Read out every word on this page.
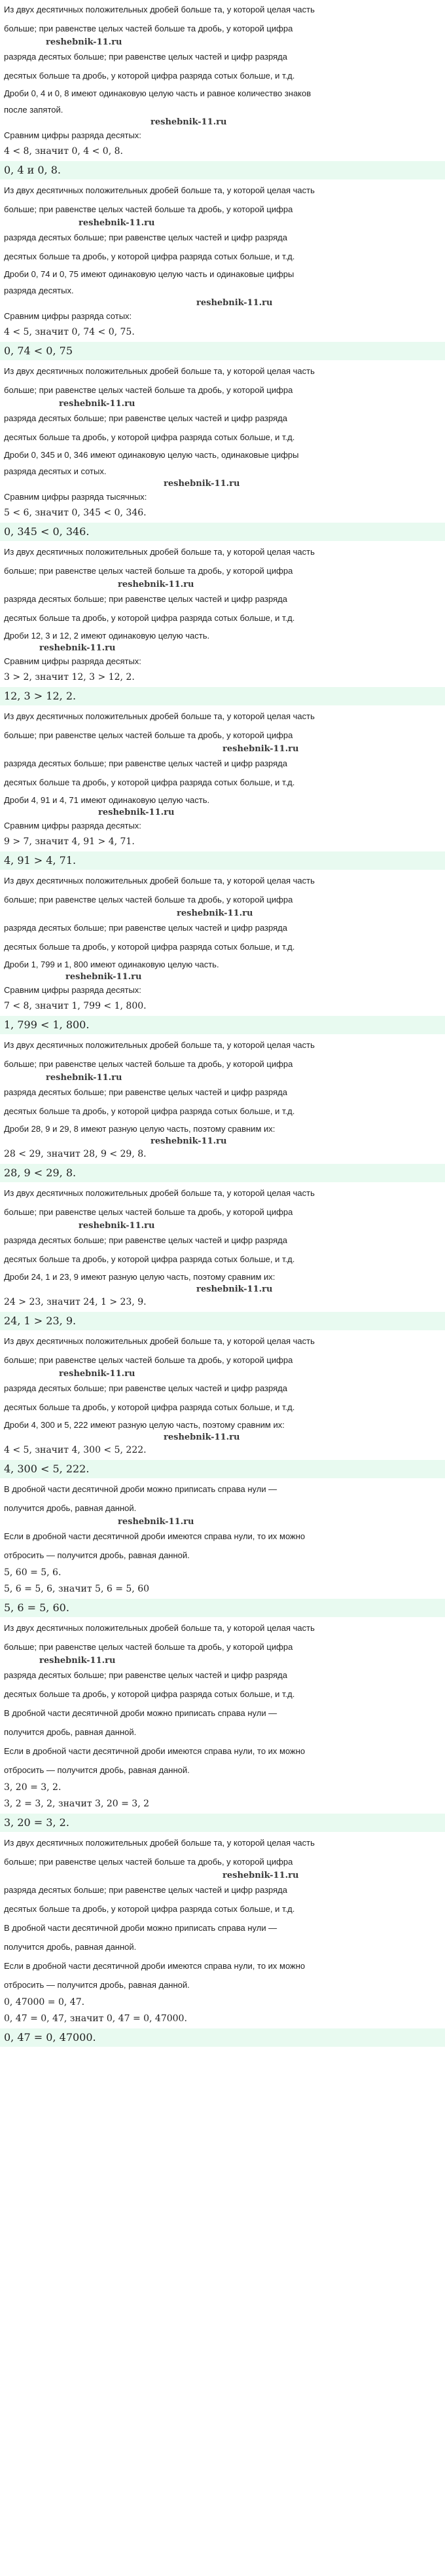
Из двух десятичных положительных дробей больше та, у которой целая часть
больше; при равенстве целых частей больше та дробь, у которой цифра
reshebnik-11.ru
разряда десятых больше; при равенстве целых частей и цифр разряда
десятых больше та дробь, у которой цифра разряда сотых больше, и т.д.
Дроби 0, 4 и 0, 8 имеют одинаковую целую часть и равное количество знаков
после запятой.
reshebnik-11.ru
Сравним цифры разряда десятых:
4 < 8, значит 0, 4 < 0, 8.
0, 4 и 0, 8.
Из двух десятичных положительных дробей больше та, у которой целая часть
больше; при равенстве целых частей больше та дробь, у которой цифра
reshebnik-11.ru
разряда десятых больше; при равенстве целых частей и цифр разряда
десятых больше та дробь, у которой цифра разряда сотых больше, и т.д.
Дроби 0, 74 и 0, 75 имеют одинаковую целую часть и одинаковые цифры
разряда десятых.
reshebnik-11.ru
Сравним цифры разряда сотых:
4 < 5, значит 0, 74 < 0, 75.
0, 74 < 0, 75
Из двух десятичных положительных дробей больше та, у которой целая часть
больше; при равенстве целых частей больше та дробь, у которой цифра
reshebnik-11.ru
разряда десятых больше; при равенстве целых частей и цифр разряда
десятых больше та дробь, у которой цифра разряда сотых больше, и т.д.
Дроби 0, 345 и 0, 346 имеют одинаковую целую часть, одинаковые цифры
разряда десятых и сотых.
reshebnik-11.ru
Сравним цифры разряда тысячных:
5 < 6, значит 0, 345 < 0, 346.
0, 345 < 0, 346.
Из двух десятичных положительных дробей больше та, у которой целая часть
больше; при равенстве целых частей больше та дробь, у которой цифра
reshebnik-11.ru
разряда десятых больше; при равенстве целых частей и цифр разряда
десятых больше та дробь, у которой цифра разряда сотых больше, и т.д.
Дроби 12, 3 и 12, 2 имеют одинаковую целую часть.
reshebnik-11.ru
Сравним цифры разряда десятых:
3 > 2, значит 12, 3 > 12, 2.
12, 3 > 12, 2.
Из двух десятичных положительных дробей больше та, у которой целая часть
больше; при равенстве целых частей больше та дробь, у которой цифра
reshebnik-11.ru
разряда десятых больше; при равенстве целых частей и цифр разряда
десятых больше та дробь, у которой цифра разряда сотых больше, и т.д.
Дроби 4, 91 и 4, 71 имеют одинаковую целую часть.
reshebnik-11.ru
Сравним цифры разряда десятых:
9 > 7, значит 4, 91 > 4, 71.
4, 91 > 4, 71.
Из двух десятичных положительных дробей больше та, у которой целая часть
больше; при равенстве целых частей больше та дробь, у которой цифра
reshebnik-11.ru
разряда десятых больше; при равенстве целых частей и цифр разряда
десятых больше та дробь, у которой цифра разряда сотых больше, и т.д.
Дроби 1, 799 и 1, 800 имеют одинаковую целую часть.
reshebnik-11.ru
Сравним цифры разряда десятых:
7 < 8, значит 1, 799 < 1, 800.
1, 799 < 1, 800.
Из двух десятичных положительных дробей больше та, у которой целая часть
больше; при равенстве целых частей больше та дробь, у которой цифра
reshebnik-11.ru
разряда десятых больше; при равенстве целых частей и цифр разряда
десятых больше та дробь, у которой цифра разряда сотых больше, и т.д.
Дроби 28, 9 и 29, 8 имеют разную целую часть, поэтому сравним их:
reshebnik-11.ru
28 < 29, значит 28, 9 < 29, 8.
28, 9 < 29, 8.
Из двух десятичных положительных дробей больше та, у которой целая часть
больше; при равенстве целых частей больше та дробь, у которой цифра
reshebnik-11.ru
разряда десятых больше; при равенстве целых частей и цифр разряда
десятых больше та дробь, у которой цифра разряда сотых больше, и т.д.
Дроби 24, 1 и 23, 9 имеют разную целую часть, поэтому сравним их:
reshebnik-11.ru
24 > 23, значит 24, 1 > 23, 9.
24, 1 > 23, 9.
Из двух десятичных положительных дробей больше та, у которой целая часть
больше; при равенстве целых частей больше та дробь, у которой цифра
reshebnik-11.ru
разряда десятых больше; при равенстве целых частей и цифр разряда
десятых больше та дробь, у которой цифра разряда сотых больше, и т.д.
Дроби 4, 300 и 5, 222 имеют разную целую часть, поэтому сравним их:
reshebnik-11.ru
4 < 5, значит 4, 300 < 5, 222.
4, 300 < 5, 222.
В дробной части десятичной дроби можно приписать справа нули —
получится дробь, равная данной.
reshebnik-11.ru
Если в дробной части десятичной дроби имеются справа нули, то их можно
отбросить — получится дробь, равная данной.
5, 60 = 5, 6.
5, 6 = 5, 6, значит 5, 6 = 5, 60
5, 6 = 5, 60.
Из двух десятичных положительных дробей больше та, у которой целая часть
больше; при равенстве целых частей больше та дробь, у которой цифра
reshebnik-11.ru
разряда десятых больше; при равенстве целых частей и цифр разряда
десятых больше та дробь, у которой цифра разряда сотых больше, и т.д.
В дробной части десятичной дроби можно приписать справа нули —
получится дробь, равная данной.
Если в дробной части десятичной дроби имеются справа нули, то их можно
отбросить — получится дробь, равная данной.
3, 20 = 3, 2.
3, 2 = 3, 2, значит 3, 20 = 3, 2
3, 20 = 3, 2.
Из двух десятичных положительных дробей больше та, у которой целая часть
больше; при равенстве целых частей больше та дробь, у которой цифра
reshebnik-11.ru
разряда десятых больше; при равенстве целых частей и цифр разряда
десятых больше та дробь, у которой цифра разряда сотых больше, и т.д.
В дробной части десятичной дроби можно приписать справа нули —
получится дробь, равная данной.
Если в дробной части десятичной дроби имеются справа нули, то их можно
отбросить — получится дробь, равная данной.
0, 47000 = 0, 47.
0, 47 = 0, 47, значит 0, 47 = 0, 47000.
0, 47 = 0, 47000.
